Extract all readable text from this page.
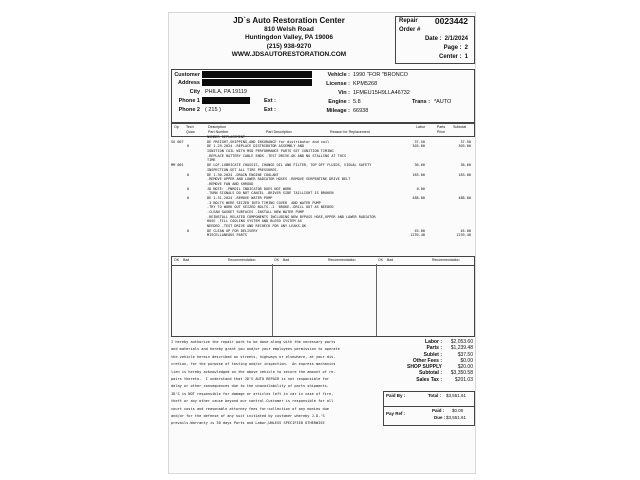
JD`s Auto Restoration Center
810 Welsh Road
Huntingdon Valley, PA 19006
(215) 938-9270
WWW.JDSAUTORESTORATION.COM
Repair Order #
0023442
Date : 2/1/2024
Page : 2
Center : 1
Customer
Address
City PHILA, PA 19119
Phone 1	Ext :
Phone 2 ( 215 )	Ext :
Vehicle : 1990 "FOR "BRONCO
License : KPM5268
Vin : 1FMEU15H9LLA46732
Engine : 5.8	Trans : *AUTO
Mileage : 66938
Op Tech
Quan
Description
Part Number	Part Description	Reason for Replacement
Labor	Parts Price
Subtotal
NUMBER REPLACEMENT
SU 007	DE FREIGHT,SHIPPING,AND INSURANCE for distributor and coil	37.50	37.50
0	DE 1-29-2024 -REPLACE DISTRIBUTOR ASSEMBLY AND	303.00	303.00
IGNITION COIL WITH MSD PERFORMANCE PARTS SET IGNITION TIMING
-REPLACE BATTERY CABLE ENDS -TEST DRIVE-OK AND NO STALLING AT THIS
TIME
MM 001	DE LOF-LUBRICATE CHASSIS, CHANGE OIL AND FILTER, TOP OFF FLUIDS, VISUAL SAFETY	36.60	36.60
INSPECTION.SET ALL TIRE PRESSURES.
0	DE 1-30-2024 -DRAIN ENGINE COOLANT	183.00	183.00
-REMOVE UPPER AND LOWER RADIATOR HOSES -REMOVE SERPENTINE DRIVE BELT
-REMOVE FAN AND SHROUD
0	JD NOTE: -PNRDIL INDICATOR DOES NOT WORK	0.00
-TURN SIGNALS DO NOT CANCEL -DRIVER SIDE TAILLIGHT IS BROKEN
0	DE 1-31-2024 -REMOVE WATER PUMP	488.00	488.00
-3 BOLTS WERE SEIZED INTO TIMING COVER  AND WATER PUMP
-TRY TO WORK OUT SEIZED BOLTS--2  BROKE--DRILL OUT AS NEEDED
-CLEAN GASKET SURFACES -INSTALL NEW WATER PUMP
-REINSTALL RELATED COMPONENTS INCLUDING NEW BYPASS HOSE,UPPER AND LOWER RADIATOR
HOSE -FILL COOLING SYSTEM AND BLEED SYSTEM AS
NEEDED -TEST DRIVE AND RECHECK FOR ANY LEAKS-OK
0	DE CLEAN UP FOR DELIVERY	45.00	45.00
MISCELLANEOUS PARTS	1239.48	1239.48
OK Bad	Recommendation	OK Bad	Recommendation	OK Bad	Recommendation
I hereby authorize the repair work to be done along with the necessary parts
and materials and hereby grant you and/or your employees permission to operate
the vehicle herein described on streets, highways or elsewhere, at your dis-
cretion, for the purpose of testing and/or inspection.  An express mechanics
lien is hereby acknowledged on the above vehicle to secure the amount of re-
pairs thereto.  I understand that JD'S AUTO REPAIR is not responsible for
delay or other consequences due to the unavailability of parts shipments.
JD'S is NOT responsible for damage or articles left in car in case of fire,
theft or any other cause beyond our control.Customer is responsible for all
court costs and reasonable attorney fees for:collection of any monies due
and/or for the defense of any suit initiated by customer whereby J.D.'S
prevails.Warranty is 30 days Parts and Labor,UNLESS SPECIFIED OTHERWISE
Labor :	$2,053.60
Parts :	$1,239.48
Sublet :	$37.50
Other Fees :	$0.00
SHOP SUPPLY	$20.00
Subtotal :	$3,350.58
Sales Tax :	$201.03
Paid By :	Total : $3,551.61
Pay Ref :
Paid : $0.00
Due : $3,551.61
